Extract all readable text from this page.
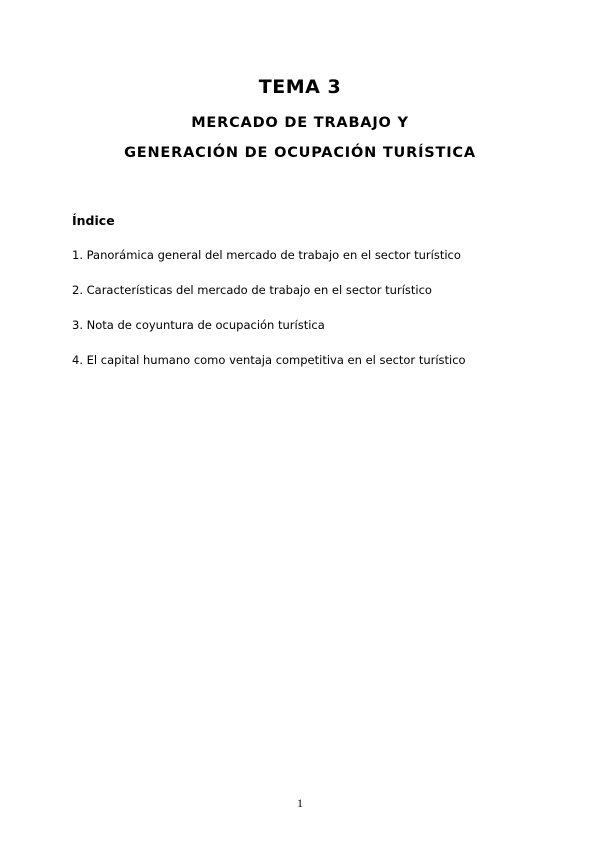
TEMA 3
MERCADO DE TRABAJO Y
GENERACIÓN DE OCUPACIÓN TURÍSTICA
Índice
1. Panorámica general del mercado de trabajo en el sector turístico
2. Características del mercado de trabajo en el sector turístico
3. Nota de coyuntura de ocupación turística
4. El capital humano como ventaja competitiva en el sector turístico
1
